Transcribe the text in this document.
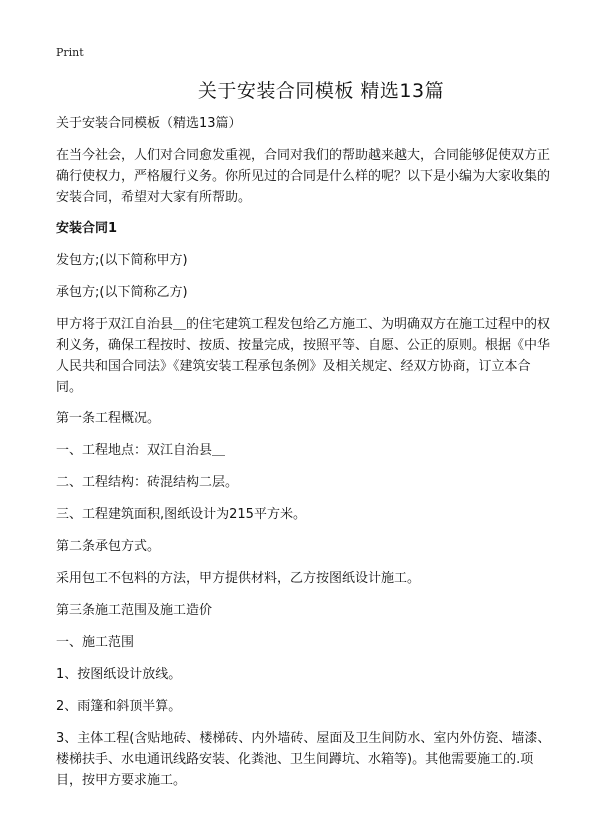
Print
关于安装合同模板 精选13篇

关于安装合同模板（精选13篇）

在当今社会，人们对合同愈发重视，合同对我们的帮助越来越大，合同能够促使双方正确行使权力，严格履行义务。你所见过的合同是什么样的呢？以下是小编为大家收集的安装合同，希望对大家有所帮助。

安装合同1

发包方;(以下简称甲方)

承包方;(以下简称乙方)

甲方将于双江自治县＿的住宅建筑工程发包给乙方施工、为明确双方在施工过程中的权利义务，确保工程按时、按质、按量完成，按照平等、自愿、公正的原则。根据《中华人民共和国合同法》《建筑安装工程承包条例》及相关规定、经双方协商，订立本合同。

第一条工程概况。

一、工程地点：双江自治县＿

二、工程结构：砖混结构二层。

三、工程建筑面积,图纸设计为215平方米。

第二条承包方式。

采用包工不包料的方法，甲方提供材料，乙方按图纸设计施工。

第三条施工范围及施工造价

一、施工范围

1、按图纸设计放线。

2、雨篷和斜顶半算。

3、主体工程(含贴地砖、楼梯砖、内外墙砖、屋面及卫生间防水、室内外仿瓷、墙漆、楼梯扶手、水电通讯线路安装、化粪池、卫生间蹲坑、水箱等)。其他需要施工的.项目，按甲方要求施工。
